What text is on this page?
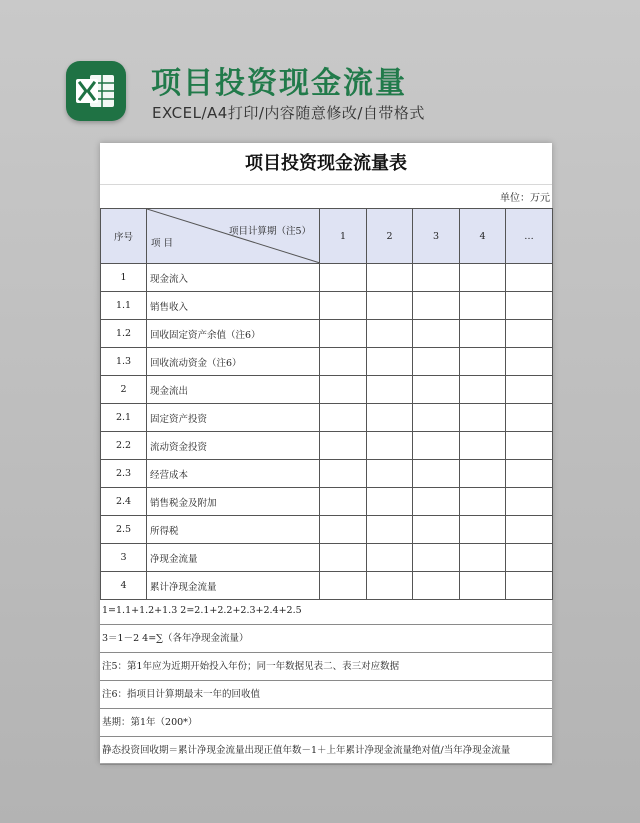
项目投资现金流量
EXCEL/A4打印/内容随意修改/自带格式
项目投资现金流量表
单位：万元
序号	项目计算期（注5）
项 目	1	2	3	4	…
1	现金流入					
1.1	销售收入					
1.2	回收固定资产余值（注6）					
1.3	回收流动资金（注6）					
2	现金流出					
2.1	固定资产投资					
2.2	流动资金投资					
2.3	经营成本					
2.4	销售税金及附加					
2.5	所得税					
3	净现金流量					
4	累计净现金流量					
1=1.1+1.2+1.3 2=2.1+2.2+2.3+2.4+2.5
3＝1－2 4=∑（各年净现金流量）
注5：第1年应为近期开始投入年份；同一年数据见表二、表三对应数据
注6：指项目计算期最末一年的回收值
基期：第1年（200*）
静态投资回收期＝累计净现金流量出现正值年数－1＋上年累计净现金流量绝对值/当年净现金流量
